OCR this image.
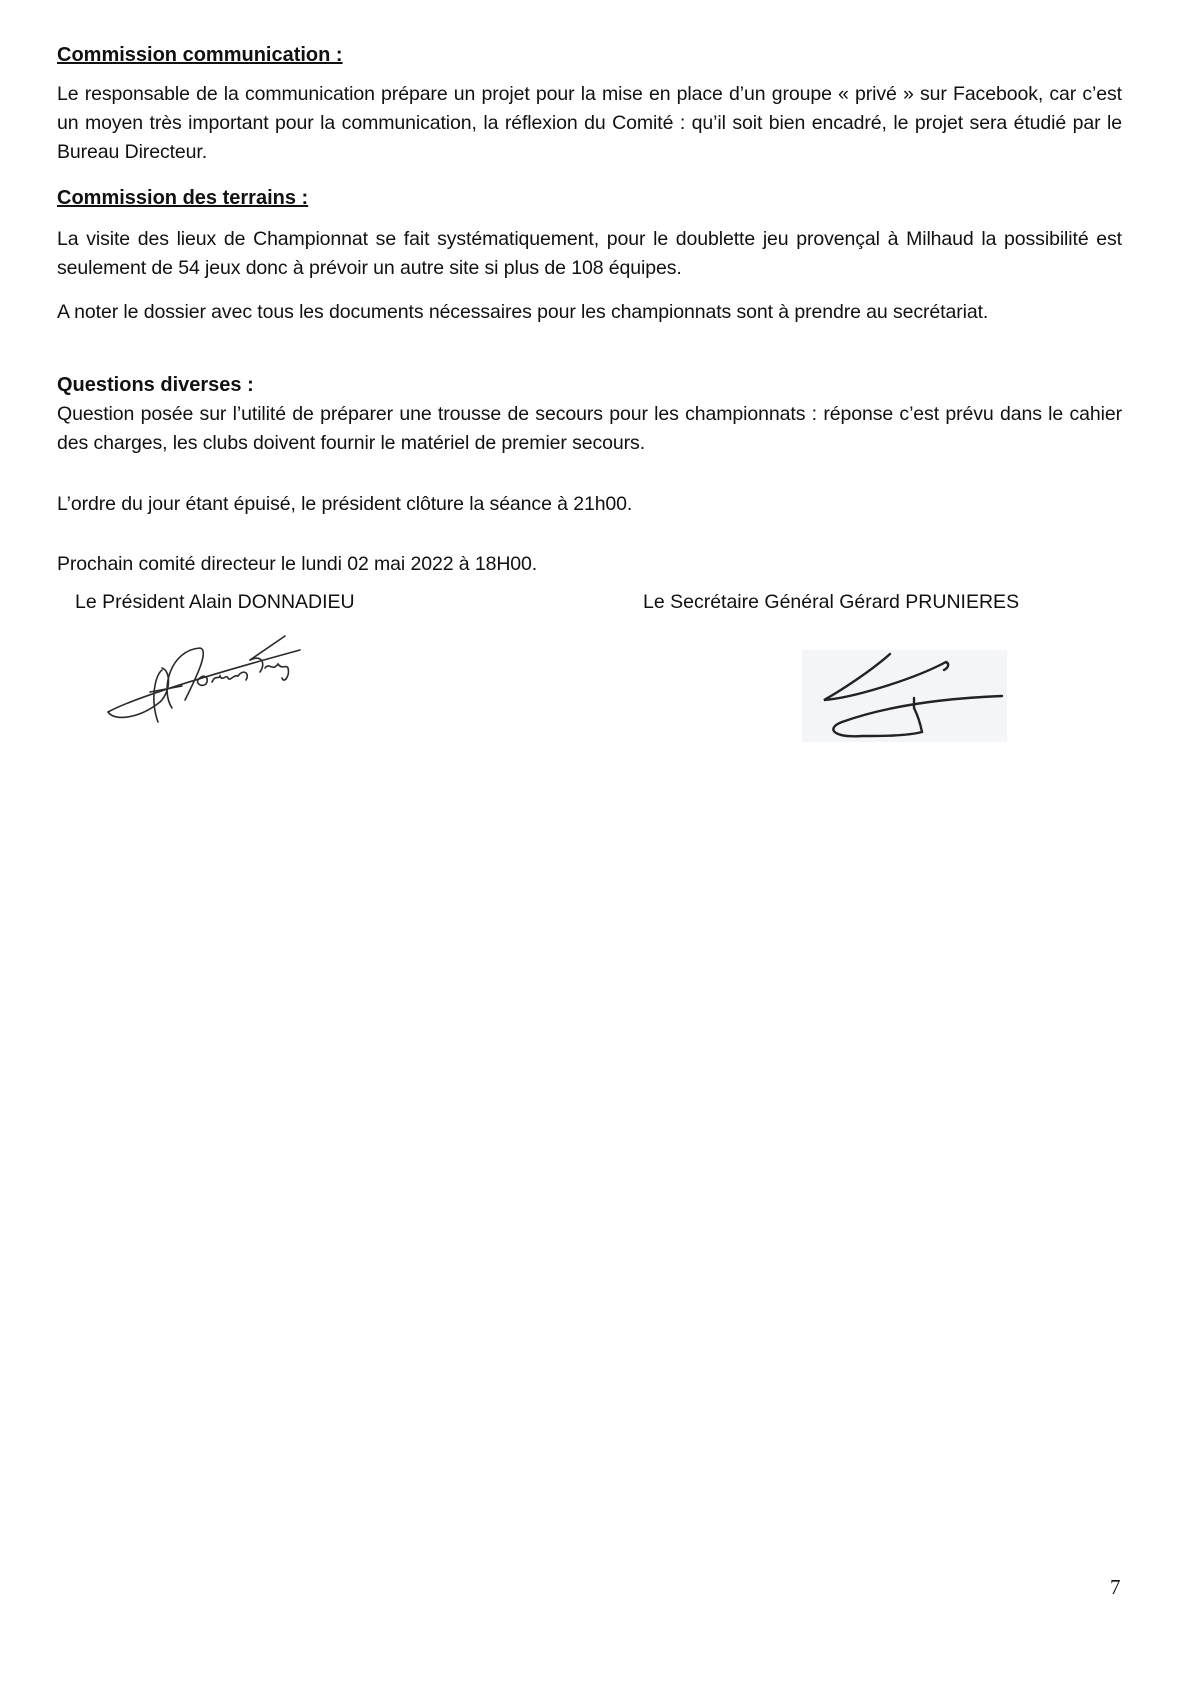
Commission communication :

Le responsable de la communication prépare un projet pour la mise en place d’un groupe « privé » sur Facebook, car c’est un moyen très important pour la communication, la réflexion du Comité : qu’il soit bien encadré, le projet sera étudié par le Bureau Directeur.

Commission des terrains :

La visite des lieux de Championnat se fait systématiquement, pour le doublette jeu provençal à Milhaud la possibilité est seulement de 54 jeux donc à prévoir un autre site si plus de 108 équipes.

A noter le dossier avec tous les documents nécessaires pour les championnats sont à prendre au secrétariat.

Questions diverses :

Question posée sur l’utilité de préparer une trousse de secours pour les championnats : réponse c’est prévu dans le cahier des charges, les clubs doivent fournir le matériel de premier secours.

L’ordre du jour étant épuisé, le président clôture la séance à 21h00.

Prochain comité directeur le lundi 02 mai 2022 à 18H00.

Le Président Alain DONNADIEU	Le Secrétaire Général Gérard PRUNIERES
7
